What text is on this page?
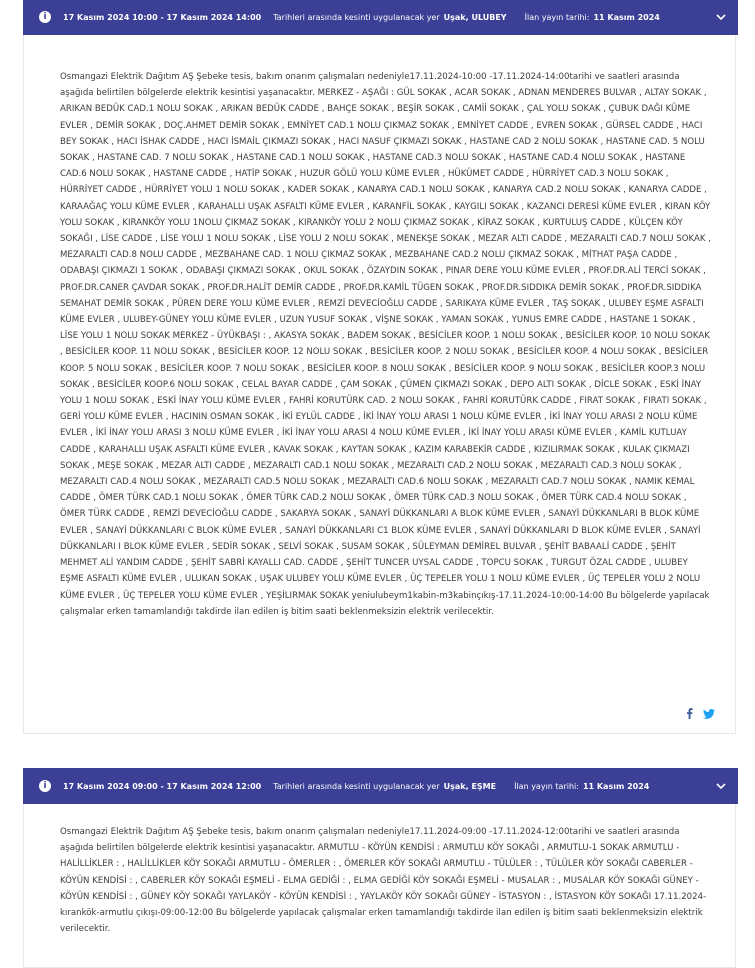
i	17 Kasım 2024 10:00 - 17 Kasım 2024 14:00 Tarihleri arasında kesinti uygulanacak yer Uşak, ULUBEY İlan yayın tarihi: 11 Kasım 2024
Osmangazi Elektrik Dağıtım AŞ Şebeke tesis, bakım onarım çalışmaları nedeniyle17.11.2024-10:00 -17.11.2024-14:00tarihi ve saatleri arasında aşağıda belirtilen bölgelerde elektrik kesintisi yaşanacaktır. MERKEZ - AŞAĞI : GÜL SOKAK , ACAR SOKAK , ADNAN MENDERES BULVAR , ALTAY SOKAK , ARIKAN BEDÜK CAD.1 NOLU SOKAK , ARIKAN BEDÜK CADDE , BAHÇE SOKAK , BEŞİR SOKAK , CAMİİ SOKAK , ÇAL YOLU SOKAK , ÇUBUK DAĞI KÜME EVLER , DEMİR SOKAK , DOÇ.AHMET DEMİR SOKAK , EMNİYET CAD.1 NOLU ÇIKMAZ SOKAK , EMNİYET CADDE , EVREN SOKAK , GÜRSEL CADDE , HACI BEY SOKAK , HACI İSHAK CADDE , HACI İSMAİL ÇIKMAZI SOKAK , HACI NASUF ÇIKMAZI SOKAK , HASTANE CAD 2 NOLU SOKAK , HASTANE CAD. 5 NOLU SOKAK , HASTANE CAD. 7 NOLU SOKAK , HASTANE CAD.1 NOLU SOKAK , HASTANE CAD.3 NOLU SOKAK , HASTANE CAD.4 NOLU SOKAK , HASTANE CAD.6 NOLU SOKAK , HASTANE CADDE , HATİP SOKAK , HUZUR GÖLÜ YOLU KÜME EVLER , HÜKÜMET CADDE , HÜRRİYET CAD.3 NOLU SOKAK , HÜRRİYET CADDE , HÜRRİYET YOLU 1 NOLU SOKAK , KADER SOKAK , KANARYA CAD.1 NOLU SOKAK , KANARYA CAD.2 NOLU SOKAK , KANARYA CADDE , KARAAĞAÇ YOLU KÜME EVLER , KARAHALLI UŞAK ASFALTI KÜME EVLER , KARANFİL SOKAK , KAYGILI SOKAK , KAZANCI DERESİ KÜME EVLER , KIRAN KÖY YOLU SOKAK , KIRANKÖY YOLU 1NOLU ÇIKMAZ SOKAK , KIRANKÖY YOLU 2 NOLU ÇIKMAZ SOKAK , KİRAZ SOKAK , KURTULUŞ CADDE , KÜLÇEN KÖY SOKAĞI , LİSE CADDE , LİSE YOLU 1 NOLU SOKAK , LİSE YOLU 2 NOLU SOKAK , MENEKŞE SOKAK , MEZAR ALTI CADDE , MEZARALTI CAD.7 NOLU SOKAK , MEZARALTI CAD.8 NOLU CADDE , MEZBAHANE CAD. 1 NOLU ÇIKMAZ SOKAK , MEZBAHANE CAD.2 NOLU ÇIKMAZ SOKAK , MİTHAT PAŞA CADDE , ODABAŞI ÇIKMAZI 1 SOKAK , ODABAŞI ÇIKMAZI SOKAK , OKUL SOKAK , ÖZAYDIN SOKAK , PINAR DERE YOLU KÜME EVLER , PROF.DR.ALİ TERCİ SOKAK , PROF.DR.CANER ÇAVDAR SOKAK , PROF.DR.HALİT DEMİR CADDE , PROF.DR.KAMİL TÜGEN SOKAK , PROF.DR.SIDDIKA DEMİR SOKAK , PROF.DR.SIDDIKA SEMAHAT DEMİR SOKAK , PÜREN DERE YOLU KÜME EVLER , REMZİ DEVECİOĞLU CADDE , SARIKAYA KÜME EVLER , TAŞ SOKAK , ULUBEY EŞME ASFALTI KÜME EVLER , ULUBEY-GÜNEY YOLU KÜME EVLER , UZUN YUSUF SOKAK , VİŞNE SOKAK , YAMAN SOKAK , YUNUS EMRE CADDE , HASTANE 1 SOKAK , LİSE YOLU 1 NOLU SOKAK MERKEZ - ÜYÜKBAŞI : , AKASYA SOKAK , BADEM SOKAK , BESİCİLER KOOP. 1 NOLU SOKAK , BESİCİLER KOOP. 10 NOLU SOKAK , BESİCİLER KOOP. 11 NOLU SOKAK , BESİCİLER KOOP. 12 NOLU SOKAK , BESİCİLER KOOP. 2 NOLU SOKAK , BESİCİLER KOOP. 4 NOLU SOKAK , BESİCİLER KOOP. 5 NOLU SOKAK , BESİCİLER KOOP. 7 NOLU SOKAK , BESİCİLER KOOP. 8 NOLU SOKAK , BESİCİLER KOOP. 9 NOLU SOKAK , BESİCİLER KOOP.3 NOLU SOKAK , BESİCİLER KOOP.6 NOLU SOKAK , CELAL BAYAR CADDE , ÇAM SOKAK , ÇÜMEN ÇIKMAZI SOKAK , DEPO ALTI SOKAK , DİCLE SOKAK , ESKİ İNAY YOLU 1 NOLU SOKAK , ESKİ İNAY YOLU KÜME EVLER , FAHRİ KORUTÜRK CAD. 2 NOLU SOKAK , FAHRİ KORUTÜRK CADDE , FIRAT SOKAK , FIRATI SOKAK , GERİ YOLU KÜME EVLER , HACININ OSMAN SOKAK , İKİ EYLÜL CADDE , İKİ İNAY YOLU ARASI 1 NOLU KÜME EVLER , İKİ İNAY YOLU ARASI 2 NOLU KÜME EVLER , İKİ İNAY YOLU ARASI 3 NOLU KÜME EVLER , İKİ İNAY YOLU ARASI 4 NOLU KÜME EVLER , İKİ İNAY YOLU ARASI KÜME EVLER , KAMİL KUTLUAY CADDE , KARAHALLI UŞAK ASFALTI KÜME EVLER , KAVAK SOKAK , KAYTAN SOKAK , KAZIM KARABEKİR CADDE , KIZILIRMAK SOKAK , KULAK ÇIKMAZI SOKAK , MEŞE SOKAK , MEZAR ALTI CADDE , MEZARALTI CAD.1 NOLU SOKAK , MEZARALTI CAD.2 NOLU SOKAK , MEZARALTI CAD.3 NOLU SOKAK , MEZARALTI CAD.4 NOLU SOKAK , MEZARALTI CAD.5 NOLU SOKAK , MEZARALTI CAD.6 NOLU SOKAK , MEZARALTI CAD.7 NOLU SOKAK , NAMIK KEMAL CADDE , ÖMER TÜRK CAD.1 NOLU SOKAK , ÖMER TÜRK CAD.2 NOLU SOKAK , ÖMER TÜRK CAD.3 NOLU SOKAK , ÖMER TÜRK CAD.4 NOLU SOKAK , ÖMER TÜRK CADDE , REMZİ DEVECİOĞLU CADDE , SAKARYA SOKAK , SANAYİ DÜKKANLARI A BLOK KÜME EVLER , SANAYİ DÜKKANLARI B BLOK KÜME EVLER , SANAYİ DÜKKANLARI C BLOK KÜME EVLER , SANAYİ DÜKKANLARI C1 BLOK KÜME EVLER , SANAYİ DÜKKANLARI D BLOK KÜME EVLER , SANAYİ DÜKKANLARI I BLOK KÜME EVLER , SEDİR SOKAK , SELVİ SOKAK , SUSAM SOKAK , SÜLEYMAN DEMİREL BULVAR , ŞEHİT BABAALİ CADDE , ŞEHİT MEHMET ALİ YANDIM CADDE , ŞEHİT SABRİ KAYALLI CAD. CADDE , ŞEHİT TUNCER UYSAL CADDE , TOPCU SOKAK , TURGUT ÖZAL CADDE , ULUBEY EŞME ASFALTI KÜME EVLER , ULUKAN SOKAK , UŞAK ULUBEY YOLU KÜME EVLER , ÜÇ TEPELER YOLU 1 NOLU KÜME EVLER , ÜÇ TEPELER YOLU 2 NOLU KÜME EVLER , ÜÇ TEPELER YOLU KÜME EVLER , YEŞİLIRMAK SOKAK yeniulubeym1kabin-m3kabinçıkış-17.11.2024-10:00-14:00 Bu bölgelerde yapılacak çalışmalar erken tamamlandığı takdirde ilan edilen iş bitim saati beklenmeksizin elektrik verilecektir.
i	17 Kasım 2024 09:00 - 17 Kasım 2024 12:00 Tarihleri arasında kesinti uygulanacak yer Uşak, EŞME İlan yayın tarihi: 11 Kasım 2024
Osmangazi Elektrik Dağıtım AŞ Şebeke tesis, bakım onarım çalışmaları nedeniyle17.11.2024-09:00 -17.11.2024-12:00tarihi ve saatleri arasında aşağıda belirtilen bölgelerde elektrik kesintisi yaşanacaktır. ARMUTLU - KÖYÜN KENDİSİ : ARMUTLU KÖY SOKAĞI , ARMUTLU-1 SOKAK ARMUTLU - HALİLLİKLER : , HALİLLİKLER KÖY SOKAĞI ARMUTLU - ÖMERLER : , ÖMERLER KÖY SOKAĞI ARMUTLU - TÜLÜLER : , TÜLÜLER KÖY SOKAĞI CABERLER - KÖYÜN KENDİSİ : , CABERLER KÖY SOKAĞI EŞMELİ - ELMA GEDİĞİ : , ELMA GEDİĞİ KÖY SOKAĞI EŞMELİ - MUSALAR : , MUSALAR KÖY SOKAĞI GÜNEY - KÖYÜN KENDİSİ : , GÜNEY KÖY SOKAĞI YAYLAKÖY - KÖYÜN KENDİSİ : , YAYLAKÖY KÖY SOKAĞI GÜNEY - İSTASYON : , İSTASYON KÖY SOKAĞI 17.11.2024-kırankök-armutlu çıkışı-09:00-12:00 Bu bölgelerde yapılacak çalışmalar erken tamamlandığı takdirde ilan edilen iş bitim saati beklenmeksizin elektrik verilecektir.
